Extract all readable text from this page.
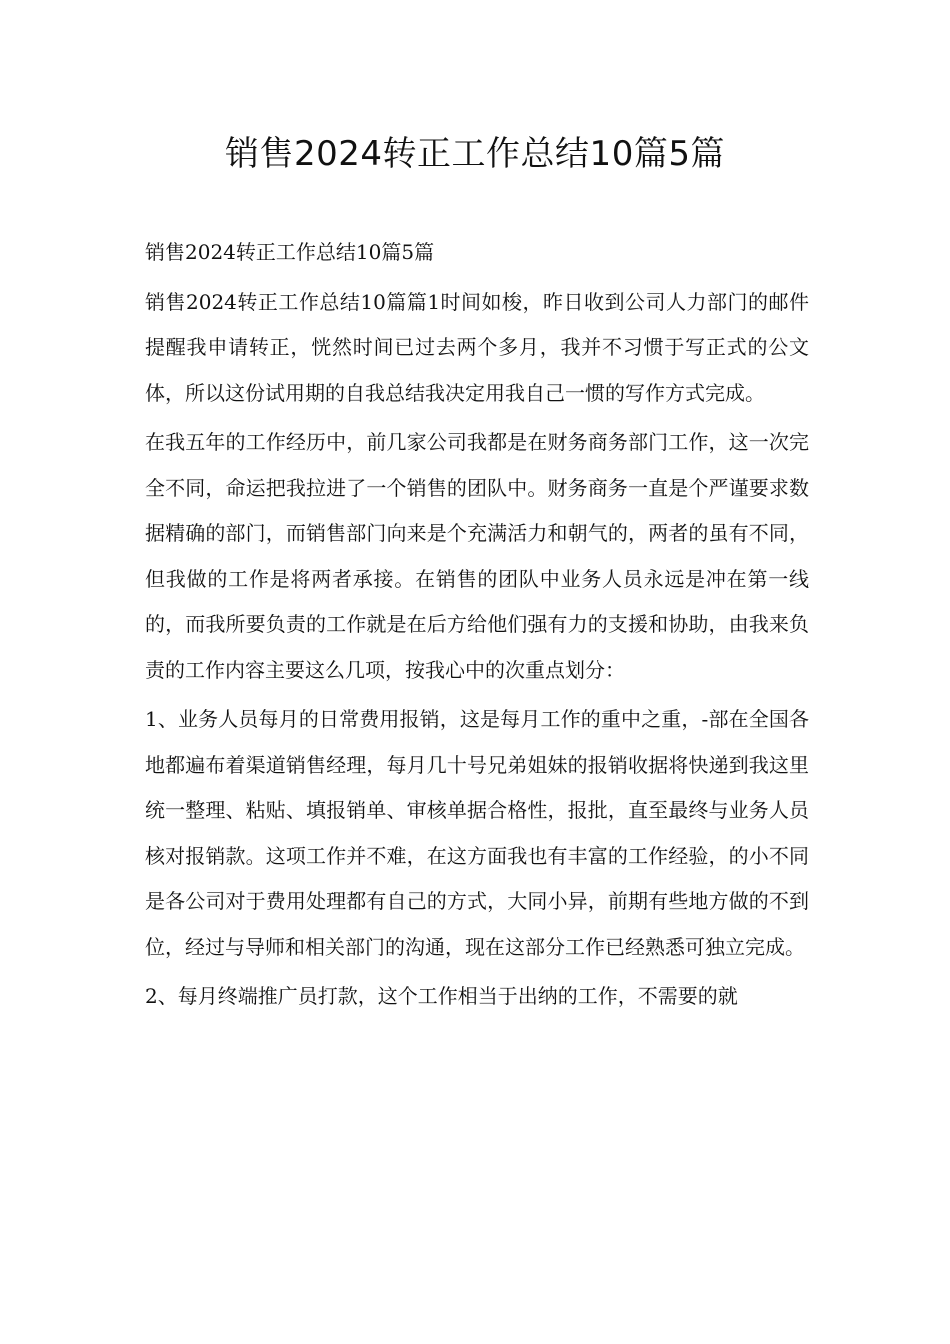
销售2024转正工作总结10篇5篇

销售2024转正工作总结10篇5篇

销售2024转正工作总结10篇篇1时间如梭，昨日收到公司人力部门的邮件提醒我申请转正，恍然时间已过去两个多月，我并不习惯于写正式的公文体，所以这份试用期的自我总结我决定用我自己一惯的写作方式完成。

在我五年的工作经历中，前几家公司我都是在财务商务部门工作，这一次完全不同，命运把我拉进了一个销售的团队中。财务商务一直是个严谨要求数据精确的部门，而销售部门向来是个充满活力和朝气的，两者的虽有不同，但我做的工作是将两者承接。在销售的团队中业务人员永远是冲在第一线的，而我所要负责的工作就是在后方给他们强有力的支援和协助，由我来负责的工作内容主要这么几项，按我心中的次重点划分：

1、业务人员每月的日常费用报销，这是每月工作的重中之重，-部在全国各地都遍布着渠道销售经理，每月几十号兄弟姐妹的报销收据将快递到我这里统一整理、粘贴、填报销单、审核单据合格性，报批，直至最终与业务人员核对报销款。这项工作并不难，在这方面我也有丰富的工作经验，的小不同是各公司对于费用处理都有自己的方式，大同小异，前期有些地方做的不到位，经过与导师和相关部门的沟通，现在这部分工作已经熟悉可独立完成。

2、每月终端推广员打款，这个工作相当于出纳的工作，不需要的就
